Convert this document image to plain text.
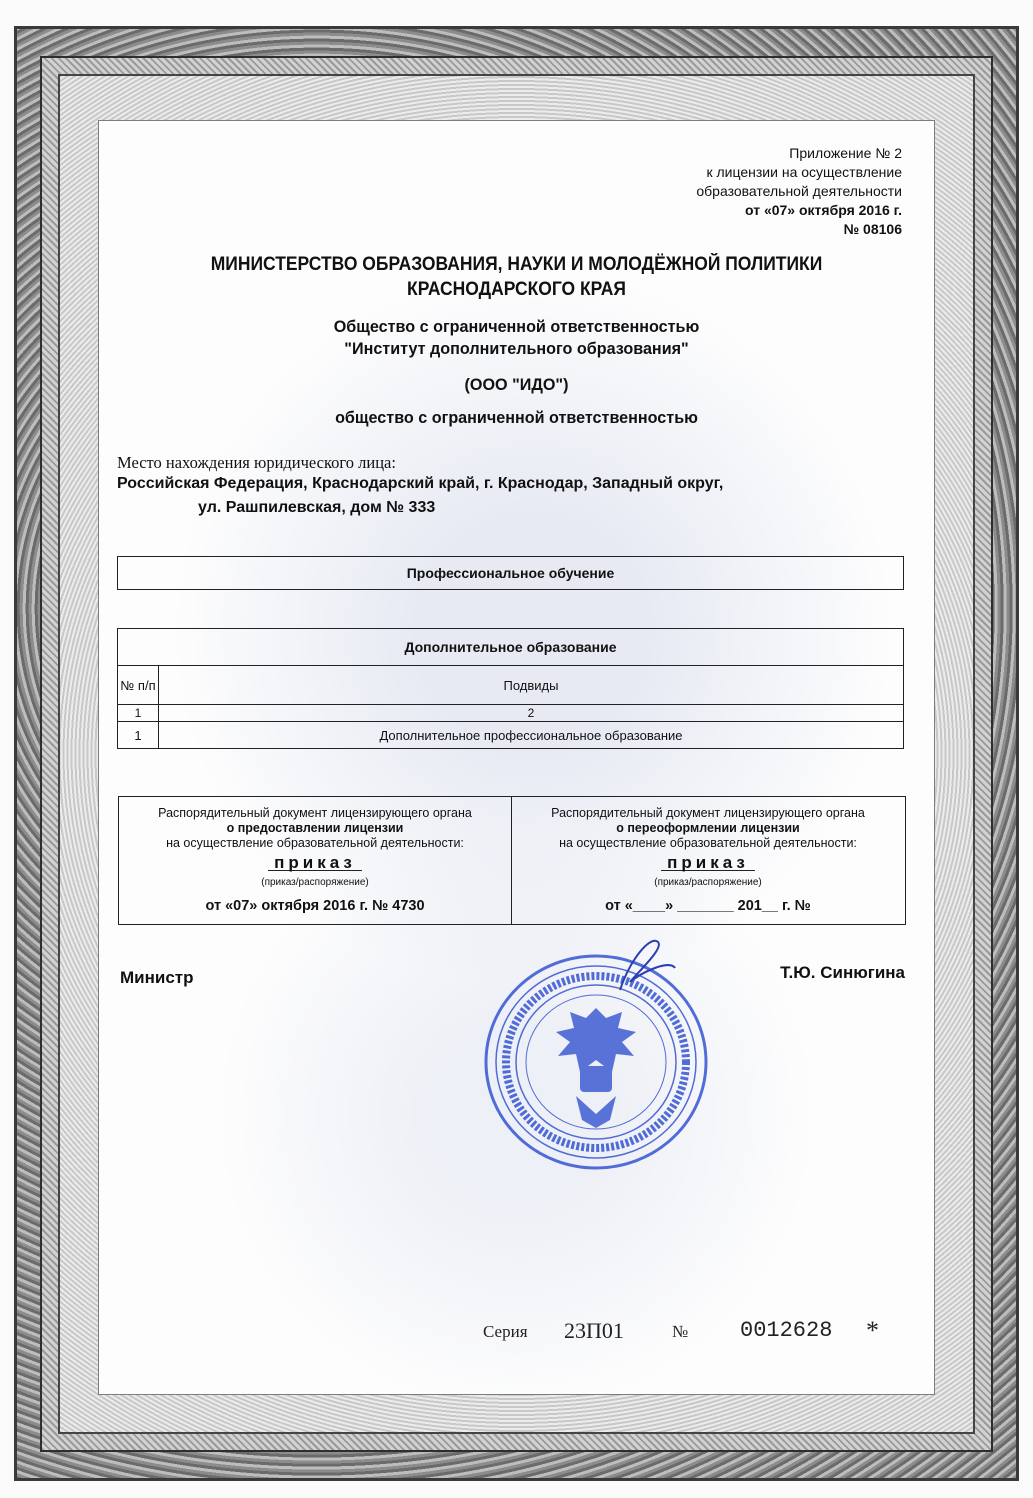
Приложение № 2
к лицензии на осуществление
образовательной деятельности
от «07» октября 2016 г.
№ 08106
МИНИСТЕРСТВО ОБРАЗОВАНИЯ, НАУКИ И МОЛОДЁЖНОЙ ПОЛИТИКИ
КРАСНОДАРСКОГО КРАЯ
Общество с ограниченной ответственностью
"Институт дополнительного образования"
(ООО "ИДО")
общество с ограниченной ответственностью
Место нахождения юридического лица:
Российская Федерация, Краснодарский край, г. Краснодар, Западный округ,
ул. Рашпилевская, дом № 333
Профессиональное обучение
Дополнительное образование	
№ п/п	Подвиды
1	2
1	Дополнительное профессиональное образование
Распорядительный документ лицензирующего органа
о предоставлении лицензии
на осуществление образовательной деятельности:
приказ
(приказ/распоряжение)
от «07» октября 2016 г. № 4730
Распорядительный документ лицензирующего органа
о переоформлении лицензии
на осуществление образовательной деятельности:
приказ
(приказ/распоряжение)
от «____» _______ 201__ г. №
Министр	Т.Ю. Синюгина
Серия 23П01	№ 0012628 *
